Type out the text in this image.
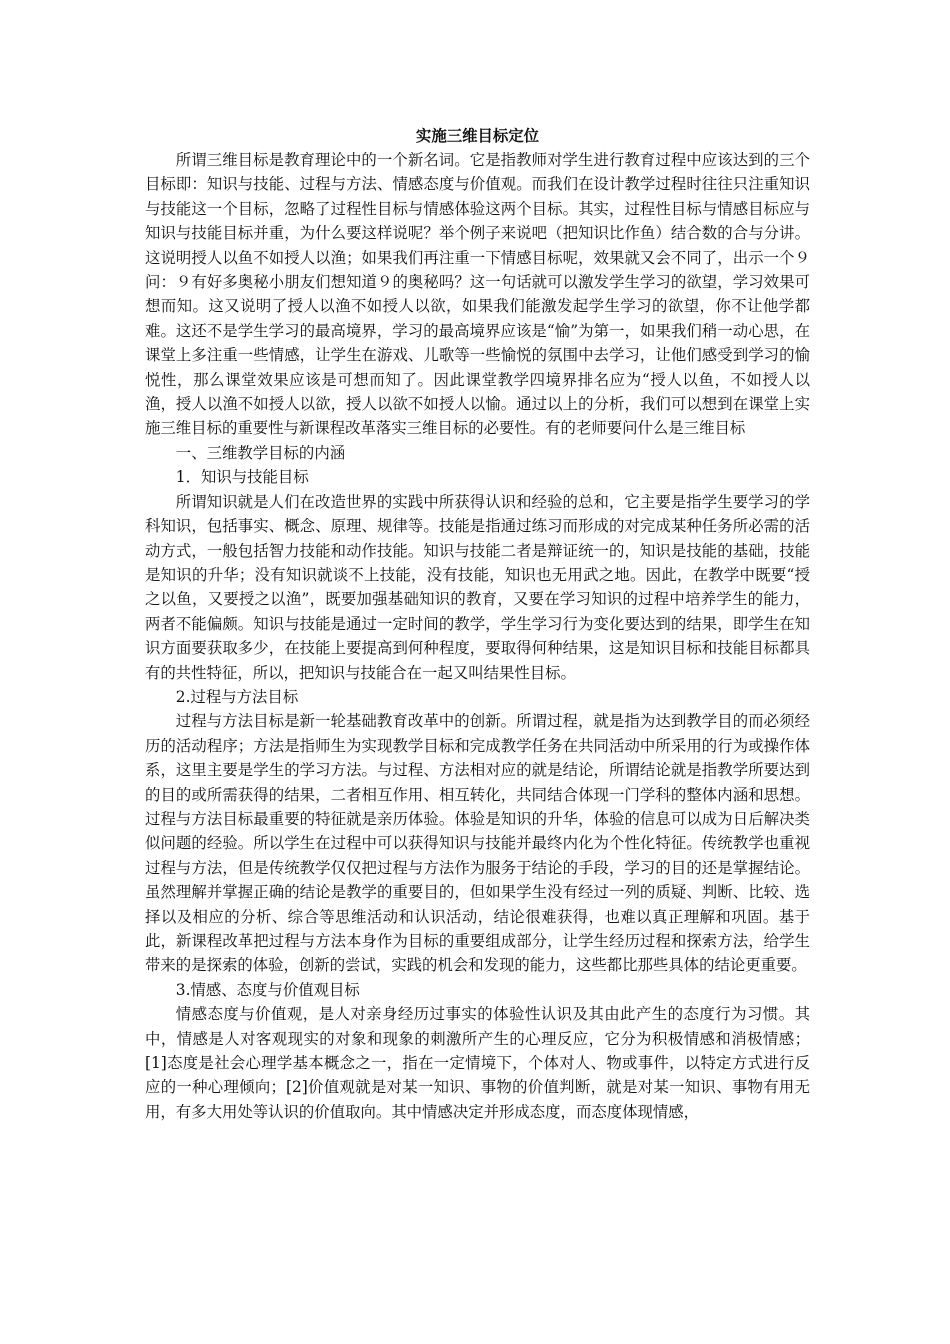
实施三维目标定位

所谓三维目标是教育理论中的一个新名词。它是指教师对学生进行教育过程中应该达到的三个目标即：知识与技能、过程与方法、情感态度与价值观。而我们在设计教学过程时往往只注重知识与技能这一个目标，忽略了过程性目标与情感体验这两个目标。其实，过程性目标与情感目标应与知识与技能目标并重，为什么要这样说呢？举个例子来说吧（把知识比作鱼）结合数的合与分讲。这说明授人以鱼不如授人以渔；如果我们再注重一下情感目标呢，效果就又会不同了，出示一个９问：９有好多奥秘小朋友们想知道９的奥秘吗？这一句话就可以激发学生学习的欲望，学习效果可想而知。这又说明了授人以渔不如授人以欲，如果我们能激发起学生学习的欲望，你不让他学都难。这还不是学生学习的最高境界，学习的最高境界应该是“愉”为第一，如果我们稍一动心思，在课堂上多注重一些情感，让学生在游戏、儿歌等一些愉悦的氛围中去学习，让他们感受到学习的愉悦性，那么课堂效果应该是可想而知了。因此课堂教学四境界排名应为“授人以鱼，不如授人以渔，授人以渔不如授人以欲，授人以欲不如授人以愉。通过以上的分析，我们可以想到在课堂上实施三维目标的重要性与新课程改革落实三维目标的必要性。有的老师要问什么是三维目标

一、三维教学目标的内涵

1．知识与技能目标

所谓知识就是人们在改造世界的实践中所获得认识和经验的总和，它主要是指学生要学习的学科知识，包括事实、概念、原理、规律等。技能是指通过练习而形成的对完成某种任务所必需的活动方式，一般包括智力技能和动作技能。知识与技能二者是辩证统一的，知识是技能的基础，技能是知识的升华；没有知识就谈不上技能，没有技能，知识也无用武之地。因此，在教学中既要“授之以鱼，又要授之以渔”，既要加强基础知识的教育，又要在学习知识的过程中培养学生的能力，两者不能偏颇。知识与技能是通过一定时间的教学，学生学习行为变化要达到的结果，即学生在知识方面要获取多少，在技能上要提高到何种程度，要取得何种结果，这是知识目标和技能目标都具有的共性特征，所以，把知识与技能合在一起又叫结果性目标。

2.过程与方法目标

过程与方法目标是新一轮基础教育改革中的创新。所谓过程，就是指为达到教学目的而必须经历的活动程序；方法是指师生为实现教学目标和完成教学任务在共同活动中所采用的行为或操作体系，这里主要是学生的学习方法。与过程、方法相对应的就是结论，所谓结论就是指教学所要达到的目的或所需获得的结果，二者相互作用、相互转化，共同结合体现一门学科的整体内涵和思想。过程与方法目标最重要的特征就是亲历体验。体验是知识的升华，体验的信息可以成为日后解决类似问题的经验。所以学生在过程中可以获得知识与技能并最终内化为个性化特征。传统教学也重视过程与方法，但是传统教学仅仅把过程与方法作为服务于结论的手段，学习的目的还是掌握结论。虽然理解并掌握正确的结论是教学的重要目的，但如果学生没有经过一列的质疑、判断、比较、选择以及相应的分析、综合等思维活动和认识活动，结论很难获得，也难以真正理解和巩固。基于此，新课程改革把过程与方法本身作为目标的重要组成部分，让学生经历过程和探索方法，给学生带来的是探索的体验，创新的尝试，实践的机会和发现的能力，这些都比那些具体的结论更重要。

3.情感、态度与价值观目标

情感态度与价值观，是人对亲身经历过事实的体验性认识及其由此产生的态度行为习惯。其中，情感是人对客观现实的对象和现象的刺激所产生的心理反应，它分为积极情感和消极情感；[1]态度是社会心理学基本概念之一，指在一定情境下，个体对人、物或事件，以特定方式进行反应的一种心理倾向；[2]价值观就是对某一知识、事物的价值判断，就是对某一知识、事物有用无用，有多大用处等认识的价值取向。其中情感决定并形成态度，而态度体现情感，
